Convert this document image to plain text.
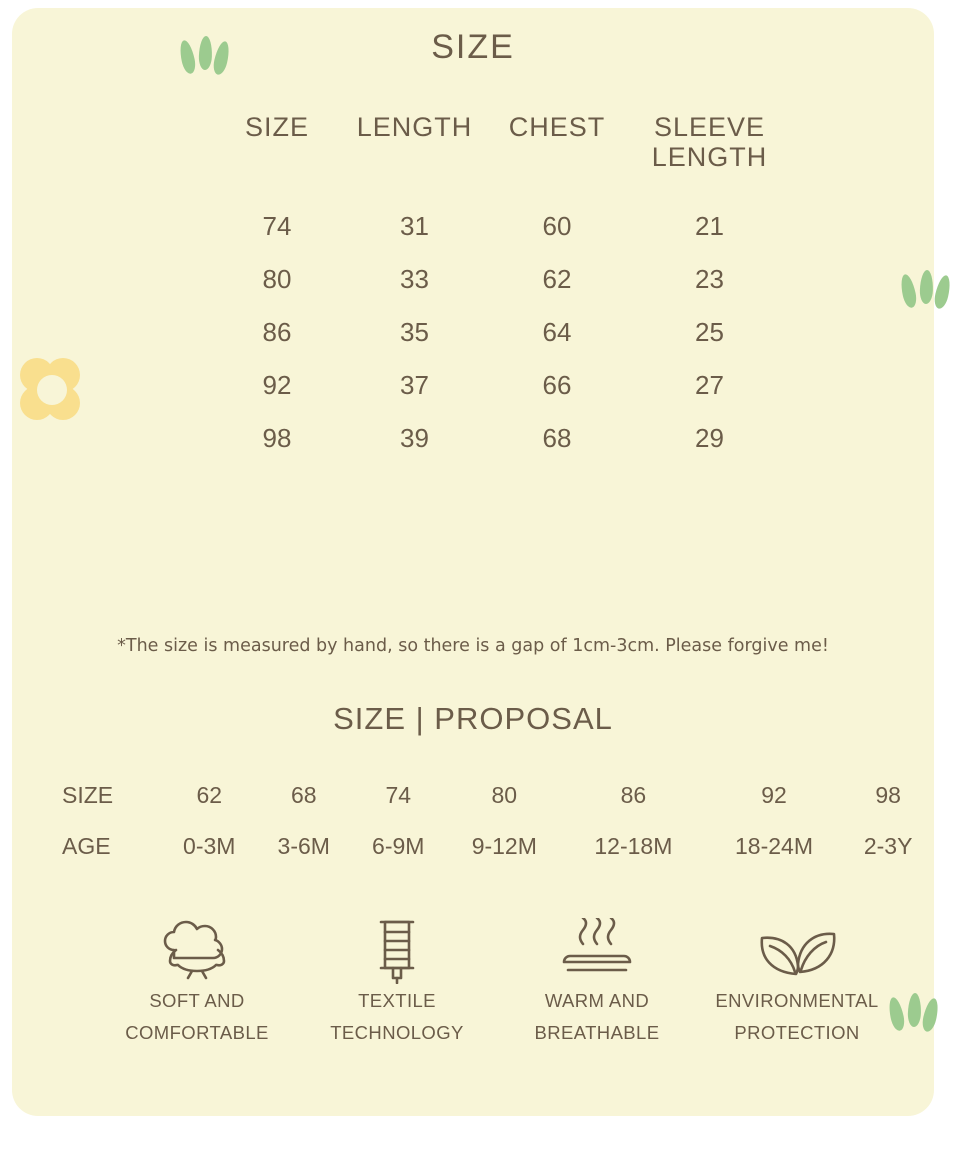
SIZE
SIZE	LENGTH	CHEST	SLEEVE LENGTH
74	31	60	21
80	33	62	23
86	35	64	25
92	37	66	27
98	39	68	29
*The size is measured by hand, so there is a gap of 1cm-3cm. Please forgive me!
SIZE | PROPOSAL
SIZE	62	68	74	80	86	92	98
AGE	0-3M	3-6M	6-9M	9-12M	12-18M	18-24M	2-3Y
SOFT AND
COMFORTABLE
TEXTILE
TECHNOLOGY
WARM AND
BREATHABLE
ENVIRONMENTAL
PROTECTION
